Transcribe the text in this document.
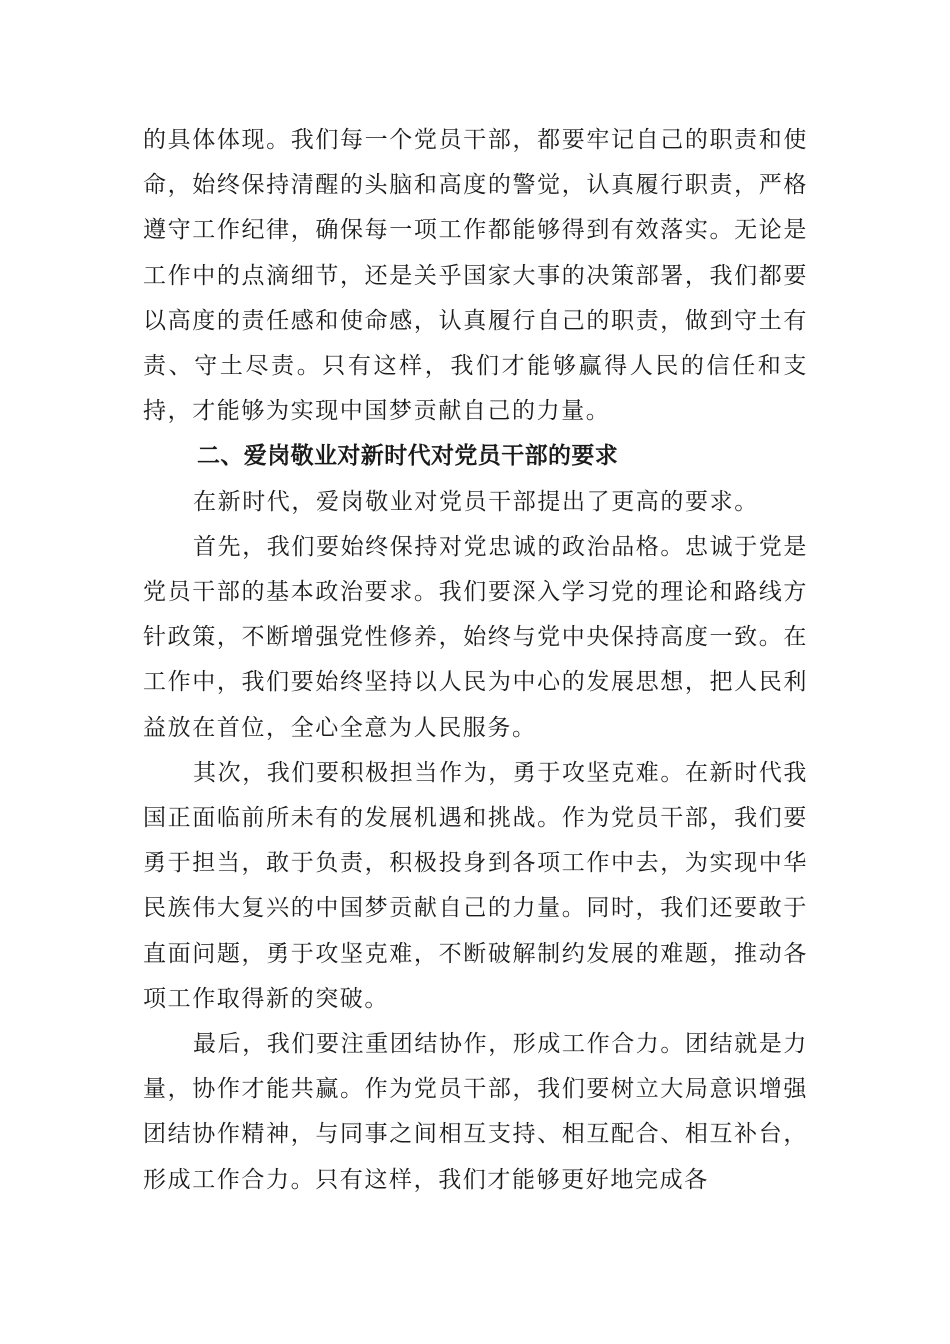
的具体体现。我们每一个党员干部，都要牢记自己的职责和使命，始终保持清醒的头脑和高度的警觉，认真履行职责，严格遵守工作纪律，确保每一项工作都能够得到有效落实。无论是工作中的点滴细节，还是关乎国家大事的决策部署，我们都要以高度的责任感和使命感，认真履行自己的职责，做到守土有责、守土尽责。只有这样，我们才能够赢得人民的信任和支持，才能够为实现中国梦贡献自己的力量。

二、爱岗敬业对新时代对党员干部的要求

在新时代，爱岗敬业对党员干部提出了更高的要求。

首先，我们要始终保持对党忠诚的政治品格。忠诚于党是党员干部的基本政治要求。我们要深入学习党的理论和路线方针政策，不断增强党性修养，始终与党中央保持高度一致。在工作中，我们要始终坚持以人民为中心的发展思想，把人民利益放在首位，全心全意为人民服务。

其次，我们要积极担当作为，勇于攻坚克难。在新时代我国正面临前所未有的发展机遇和挑战。作为党员干部，我们要勇于担当，敢于负责，积极投身到各项工作中去，为实现中华民族伟大复兴的中国梦贡献自己的力量。同时，我们还要敢于直面问题，勇于攻坚克难，不断破解制约发展的难题，推动各项工作取得新的突破。

最后，我们要注重团结协作，形成工作合力。团结就是力量，协作才能共赢。作为党员干部，我们要树立大局意识增强团结协作精神，与同事之间相互支持、相互配合、相互补台，形成工作合力。只有这样，我们才能够更好地完成各
